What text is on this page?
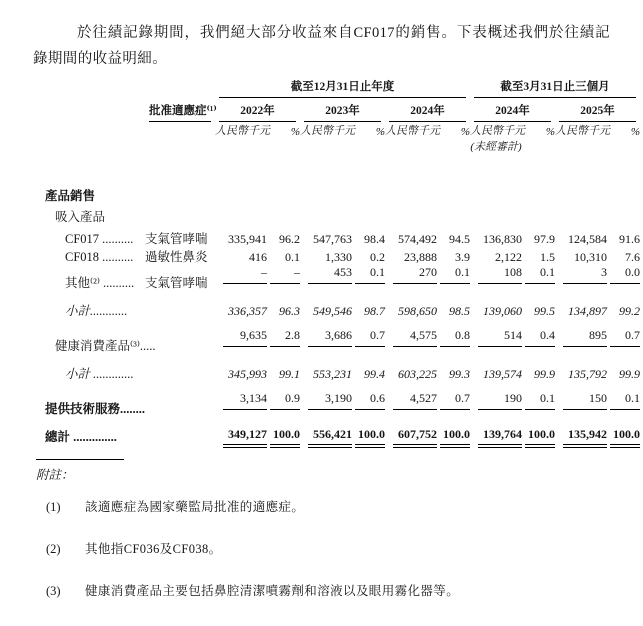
於往績記錄期間，我們絕大部分收益來自CF017的銷售。下表概述我們於往績記錄期間的收益明細。

		截至12月31日止年度						截至3月31日止三個月			

	批准適應症⁽¹⁾	2022年		2023年		2024年		2024年		2025年	

		人民幣千元	%	人民幣千元	%	人民幣千元	%	人民幣千元	%	人民幣千元	%
								(未經審計)			
產品銷售											
吸入產品											
CF017 ..........	支氣管哮喘	335,941	96.2	547,763	98.4	574,492	94.5	136,830	97.9	124,584	91.6
CF018 ..........	過敏性鼻炎	416	0.1	1,330	0.2	23,888	3.9	2,122	1.5	10,310	7.6
其他⁽²⁾ ..........	支氣管哮喘	–	–	453	0.1	270	0.1	108	0.1	3	0.0
小計............		336,357	96.3	549,546	98.7	598,650	98.5	139,060	99.5	134,897	99.2
健康消費產品⁽³⁾.....		9,635	2.8	3,686	0.7	4,575	0.8	514	0.4	895	0.7
小計 .............		345,993	99.1	553,231	99.4	603,225	99.3	139,574	99.9	135,792	99.9
提供技術服務........		3,134	0.9	3,190	0.6	4,527	0.7	190	0.1	150	0.1
總計 ..............		349,127	100.0	556,421	100.0	607,752	100.0	139,764	100.0	135,942	100.0
附註：
(1)	該適應症為國家藥監局批准的適應症。
(2)	其他指CF036及CF038。
(3)	健康消費產品主要包括鼻腔清潔噴霧劑和溶液以及眼用霧化器等。
